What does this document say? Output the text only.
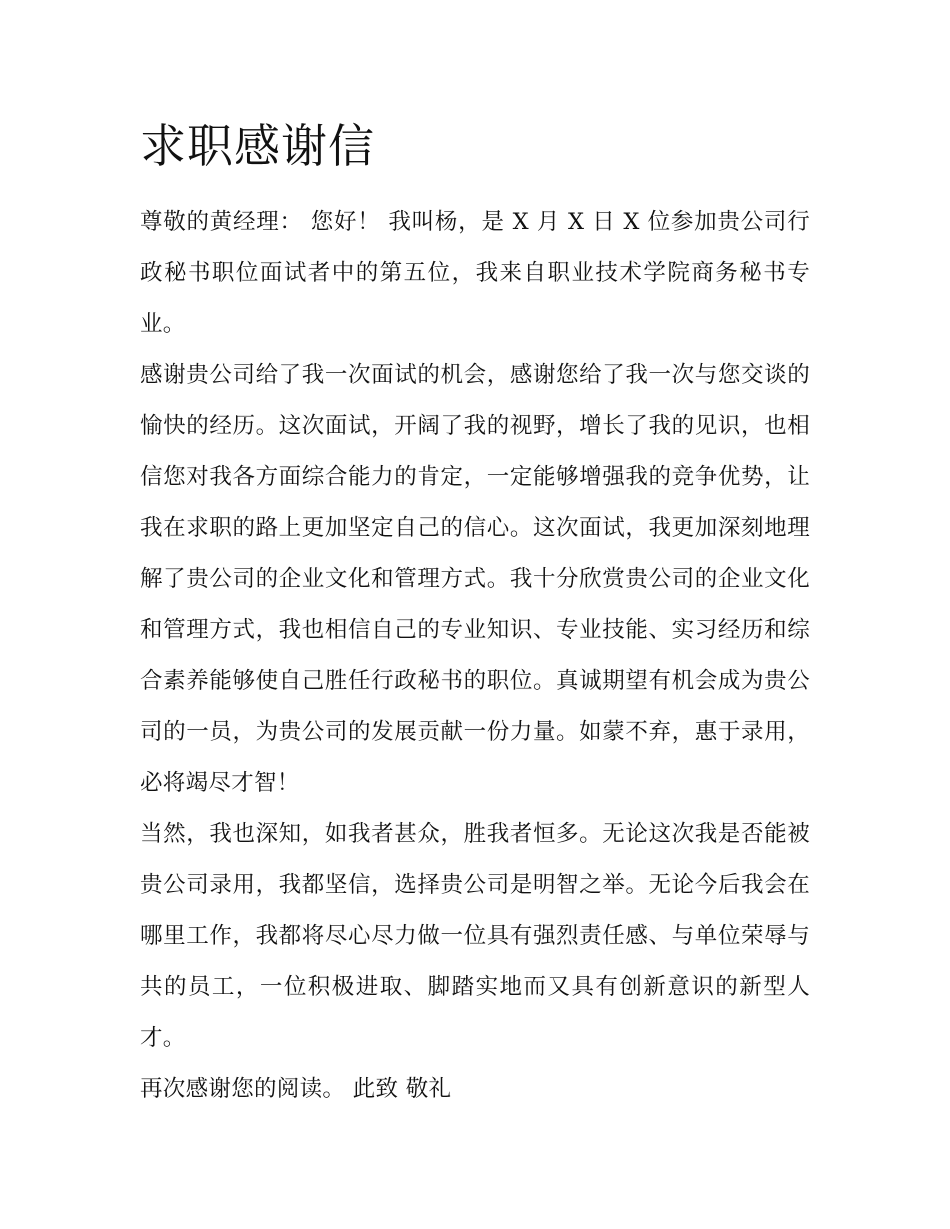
求职感谢信

尊敬的黄经理： 您好！ 我叫杨，是 X 月 X 日 X 位参加贵公司行政秘书职位面试者中的第五位，我来自职业技术学院商务秘书专业。

感谢贵公司给了我一次面试的机会，感谢您给了我一次与您交谈的愉快的经历。这次面试，开阔了我的视野，增长了我的见识，也相信您对我各方面综合能力的肯定，一定能够增强我的竞争优势，让我在求职的路上更加坚定自己的信心。这次面试，我更加深刻地理解了贵公司的企业文化和管理方式。我十分欣赏贵公司的企业文化和管理方式，我也相信自己的专业知识、专业技能、实习经历和综合素养能够使自己胜任行政秘书的职位。真诚期望有机会成为贵公司的一员，为贵公司的发展贡献一份力量。如蒙不弃，惠于录用，必将竭尽才智！

当然，我也深知，如我者甚众，胜我者恒多。无论这次我是否能被贵公司录用，我都坚信，选择贵公司是明智之举。无论今后我会在哪里工作，我都将尽心尽力做一位具有强烈责任感、与单位荣辱与共的员工，一位积极进取、脚踏实地而又具有创新意识的新型人才。

再次感谢您的阅读。 此致 敬礼
